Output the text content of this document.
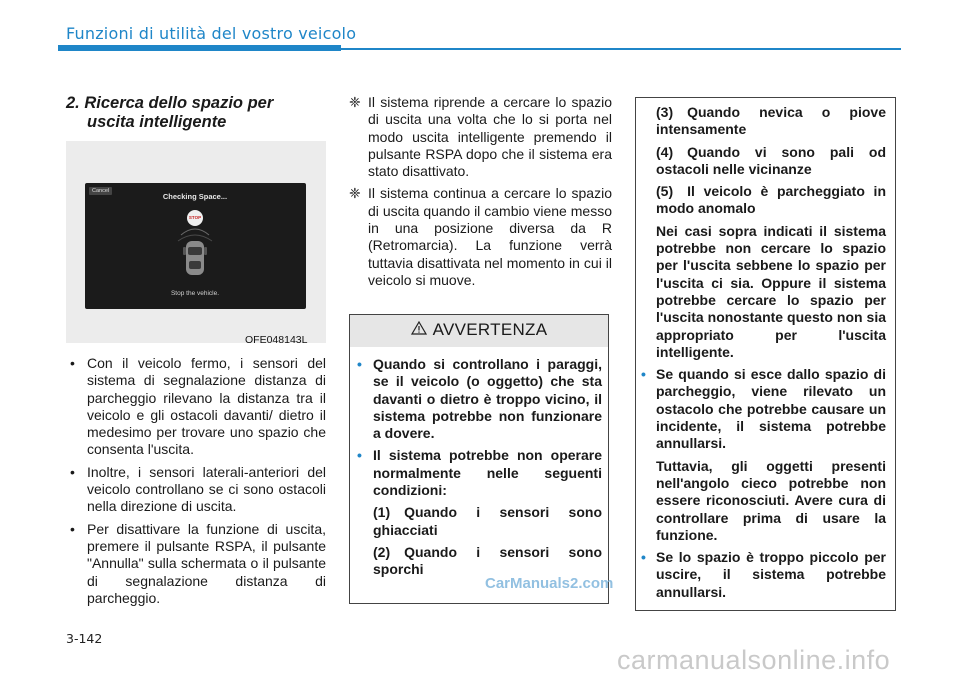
Funzioni di utilità del vostro veicolo
2. Ricerca dello spazio per
uscita intelligente
Cancel
Checking Space...
STOP
Stop the vehicle.
OFE048143L
• Con il veicolo fermo, i sensori del sistema di segnalazione distanza di parcheggio rilevano la distanza tra il veicolo e gli ostacoli davanti/ dietro il medesimo per trovare uno spazio che consenta l'uscita.
• Inoltre, i sensori laterali-anteriori del veicolo controllano se ci sono ostacoli nella direzione di uscita.
• Per disattivare la funzione di uscita, premere il pulsante RSPA, il pulsante "Annulla" sulla schermata o il pulsante di segnalazione distanza di parcheggio.
❈ Il sistema riprende a cercare lo spazio di uscita una volta che lo si porta nel modo uscita intelligente premendo il pulsante RSPA dopo che il sistema era stato disattivato.
❈ Il sistema continua a cercare lo spazio di uscita quando il cambio viene messo in una posizione diversa da R (Retromarcia). La funzione verrà tuttavia disattivata nel momento in cui il veicolo si muove.
AVVERTENZA
• Quando si controllano i paraggi, se il veicolo (o oggetto) che sta davanti o dietro è troppo vicino, il sistema potrebbe non funzionare a dovere.
• Il sistema potrebbe non operare normalmente nelle seguenti condizioni:
(1) Quando i sensori sono ghiacciati
(2) Quando i sensori sono sporchi
(3) Quando nevica o piove intensamente
(4) Quando vi sono pali od ostacoli nelle vicinanze
(5) Il veicolo è parcheggiato in modo anomalo
Nei casi sopra indicati il sistema potrebbe non cercare lo spazio per l'uscita sebbene lo spazio per l'uscita ci sia. Oppure il sistema potrebbe cercare lo spazio per l'uscita nonostante questo non sia appropriato per l'uscita intelligente.
• Se quando si esce dallo spazio di parcheggio, viene rilevato un ostacolo che potrebbe causare un incidente, il sistema potrebbe annullarsi.
Tuttavia, gli oggetti presenti nell'angolo cieco potrebbe non essere riconosciuti. Avere cura di controllare prima di usare la funzione.
• Se lo spazio è troppo piccolo per uscire, il sistema potrebbe annullarsi.
CarManuals2.com
3-142
carmanualsonline.info
